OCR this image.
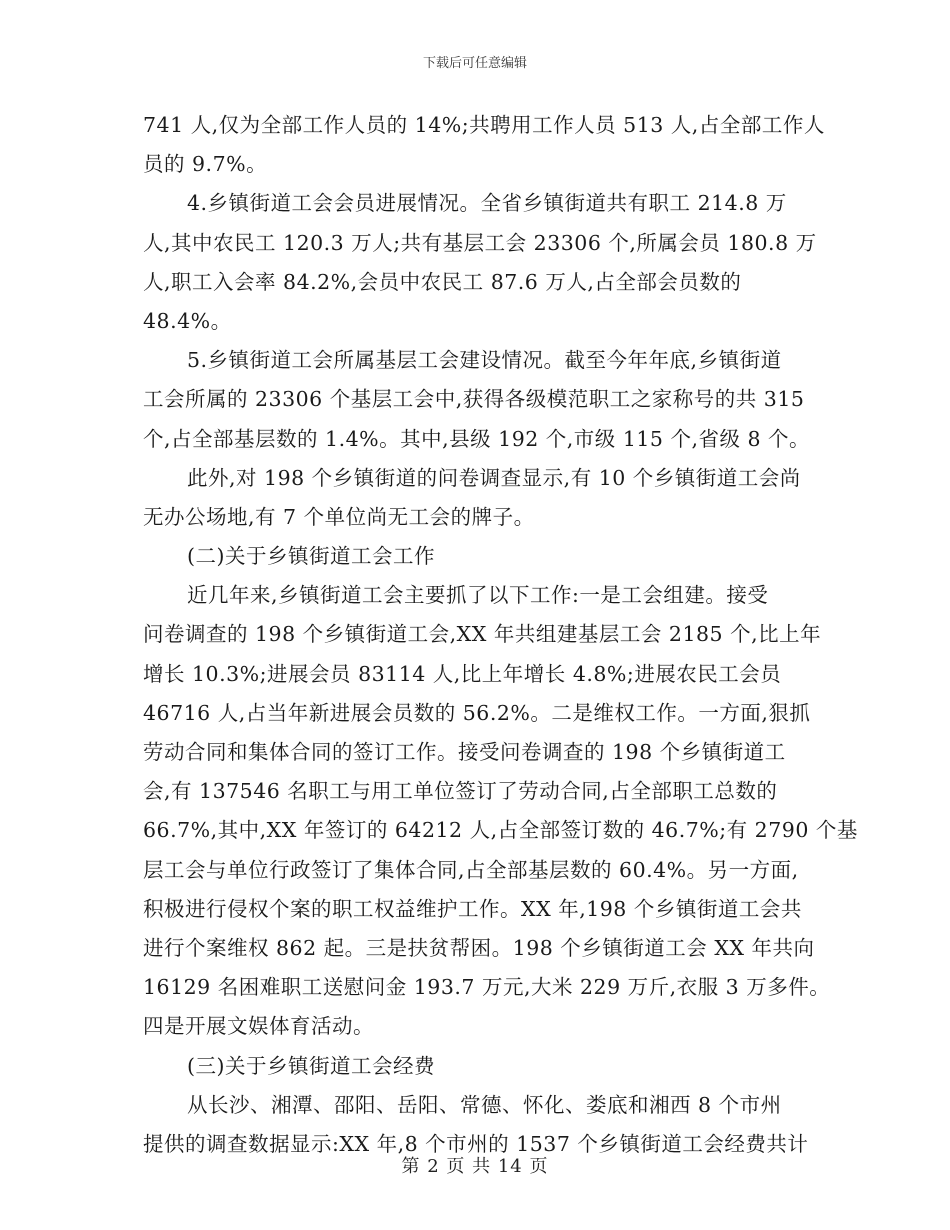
下载后可任意编辑
741 人,仅为全部工作人员的 14%;共聘用工作人员 513 人,占全部工作人
员的 9.7%。
4.乡镇街道工会会员进展情况。全省乡镇街道共有职工 214.8 万
人,其中农民工 120.3 万人;共有基层工会 23306 个,所属会员 180.8 万
人,职工入会率 84.2%,会员中农民工 87.6 万人,占全部会员数的
48.4%。
5.乡镇街道工会所属基层工会建设情况。截至今年年底,乡镇街道
工会所属的 23306 个基层工会中,获得各级模范职工之家称号的共 315
个,占全部基层数的 1.4%。其中,县级 192 个,市级 115 个,省级 8 个。
此外,对 198 个乡镇街道的问卷调查显示,有 10 个乡镇街道工会尚
无办公场地,有 7 个单位尚无工会的牌子。
(二)关于乡镇街道工会工作
近几年来,乡镇街道工会主要抓了以下工作:一是工会组建。接受
问卷调查的 198 个乡镇街道工会,XX 年共组建基层工会 2185 个,比上年
增长 10.3%;进展会员 83114 人,比上年增长 4.8%;进展农民工会员
46716 人,占当年新进展会员数的 56.2%。二是维权工作。一方面,狠抓
劳动合同和集体合同的签订工作。接受问卷调查的 198 个乡镇街道工
会,有 137546 名职工与用工单位签订了劳动合同,占全部职工总数的
66.7%,其中,XX 年签订的 64212 人,占全部签订数的 46.7%;有 2790 个基
层工会与单位行政签订了集体合同,占全部基层数的 60.4%。另一方面,
积极进行侵权个案的职工权益维护工作。XX 年,198 个乡镇街道工会共
进行个案维权 862 起。三是扶贫帮困。198 个乡镇街道工会 XX 年共向
16129 名困难职工送慰问金 193.7 万元,大米 229 万斤,衣服 3 万多件。
四是开展文娱体育活动。
(三)关于乡镇街道工会经费
从长沙、湘潭、邵阳、岳阳、常德、怀化、娄底和湘西 8 个市州
提供的调查数据显示:XX 年,8 个市州的 1537 个乡镇街道工会经费共计
第 2 页 共 14 页
